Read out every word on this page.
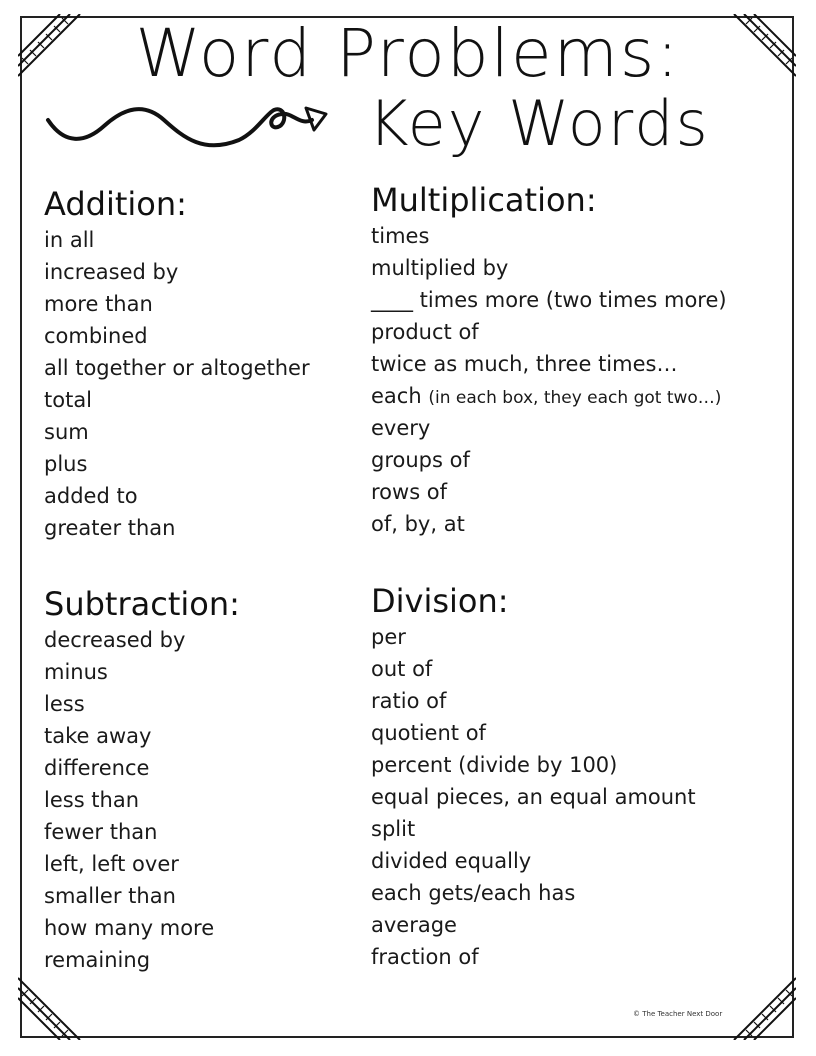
Word Problems:
Key Words
Addition:
in all
increased by
more than
combined
all together or altogether
total
sum
plus
added to
greater than
Multiplication:
times
multiplied by
____ times more (two times more)
product of
twice as much, three times…
each (in each box, they each got two…)
every
groups of
rows of
of, by, at
Subtraction:
decreased by
minus
less
take away
difference
less than
fewer than
left, left over
smaller than
how many more
remaining
Division:
per
out of
ratio of
quotient of
percent (divide by 100)
equal pieces, an equal amount
split
divided equally
each gets/each has
average
fraction of
© The Teacher Next Door
